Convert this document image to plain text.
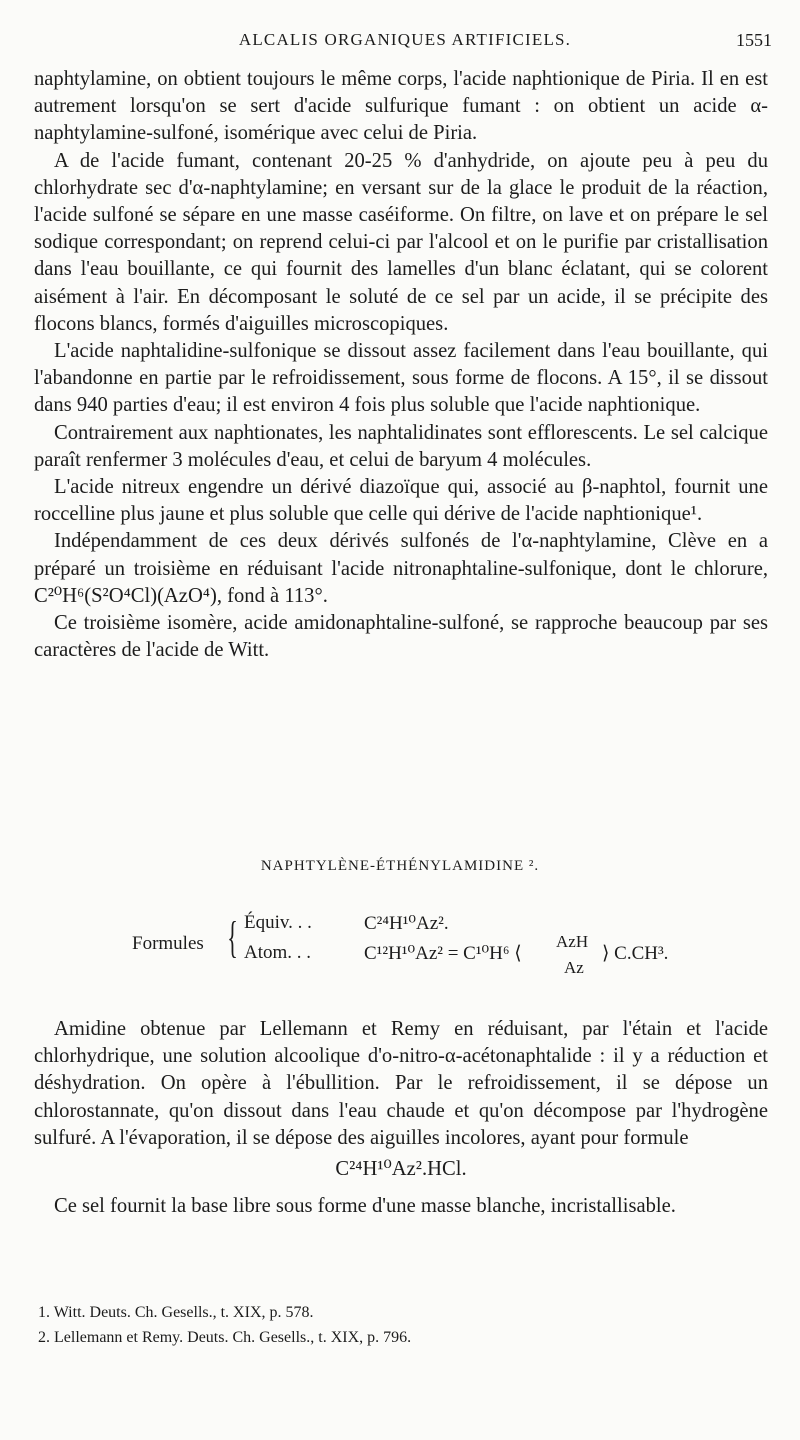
ALCALIS ORGANIQUES ARTIFICIELS.	1551

naphtylamine, on obtient toujours le même corps, l'acide naphtionique de Piria. Il en est autrement lorsqu'on se sert d'acide sulfurique fumant : on obtient un acide α-naphtylamine-sulfoné, isomérique avec celui de Piria.

A de l'acide fumant, contenant 20-25 % d'anhydride, on ajoute peu à peu du chlorhydrate sec d'α-naphtylamine; en versant sur de la glace le produit de la réaction, l'acide sulfoné se sépare en une masse caséiforme. On filtre, on lave et on prépare le sel sodique correspondant; on reprend celui-ci par l'alcool et on le purifie par cristallisation dans l'eau bouillante, ce qui fournit des lamelles d'un blanc éclatant, qui se colorent aisément à l'air. En décomposant le soluté de ce sel par un acide, il se précipite des flocons blancs, formés d'aiguilles microscopiques.

L'acide naphtalidine-sulfonique se dissout assez facilement dans l'eau bouillante, qui l'abandonne en partie par le refroidissement, sous forme de flocons. A 15°, il se dissout dans 940 parties d'eau; il est environ 4 fois plus soluble que l'acide naphtionique.

Contrairement aux naphtionates, les naphtalidinates sont efflorescents. Le sel calcique paraît renfermer 3 molécules d'eau, et celui de baryum 4 molécules.

L'acide nitreux engendre un dérivé diazoïque qui, associé au β-naphtol, fournit une roccelline plus jaune et plus soluble que celle qui dérive de l'acide naphtionique¹.

Indépendamment de ces deux dérivés sulfonés de l'α-naphtylamine, Clève en a préparé un troisième en réduisant l'acide nitronaphtaline-sulfonique, dont le chlorure, C²⁰H⁶(S²O⁴Cl)(AzO⁴), fond à 113°.

Ce troisième isomère, acide amidonaphtaline-sulfoné, se rapproche beaucoup par ses caractères de l'acide de Witt.

NAPHTYLÈNE-ÉTHÉNYLAMIDINE ².
Formules { Équiv. . .	C²⁴H¹⁰Az².
Atom. . .	C¹²H¹⁰Az² = C¹⁰H⁶ ⟨
AzH
Az
⟩ C.CH³.

Amidine obtenue par Lellemann et Remy en réduisant, par l'étain et l'acide chlorhydrique, une solution alcoolique d'o-nitro-α-acétonaphtalide : il y a réduction et déshydration. On opère à l'ébullition. Par le refroidissement, il se dépose un chlorostannate, qu'on dissout dans l'eau chaude et qu'on décompose par l'hydrogène sulfuré. A l'évaporation, il se dépose des aiguilles incolores, ayant pour formule

C²⁴H¹⁰Az².HCl.

Ce sel fournit la base libre sous forme d'une masse blanche, incristallisable.

1. Witt. Deuts. Ch. Gesells., t. XIX, p. 578.
2. Lellemann et Remy. Deuts. Ch. Gesells., t. XIX, p. 796.
